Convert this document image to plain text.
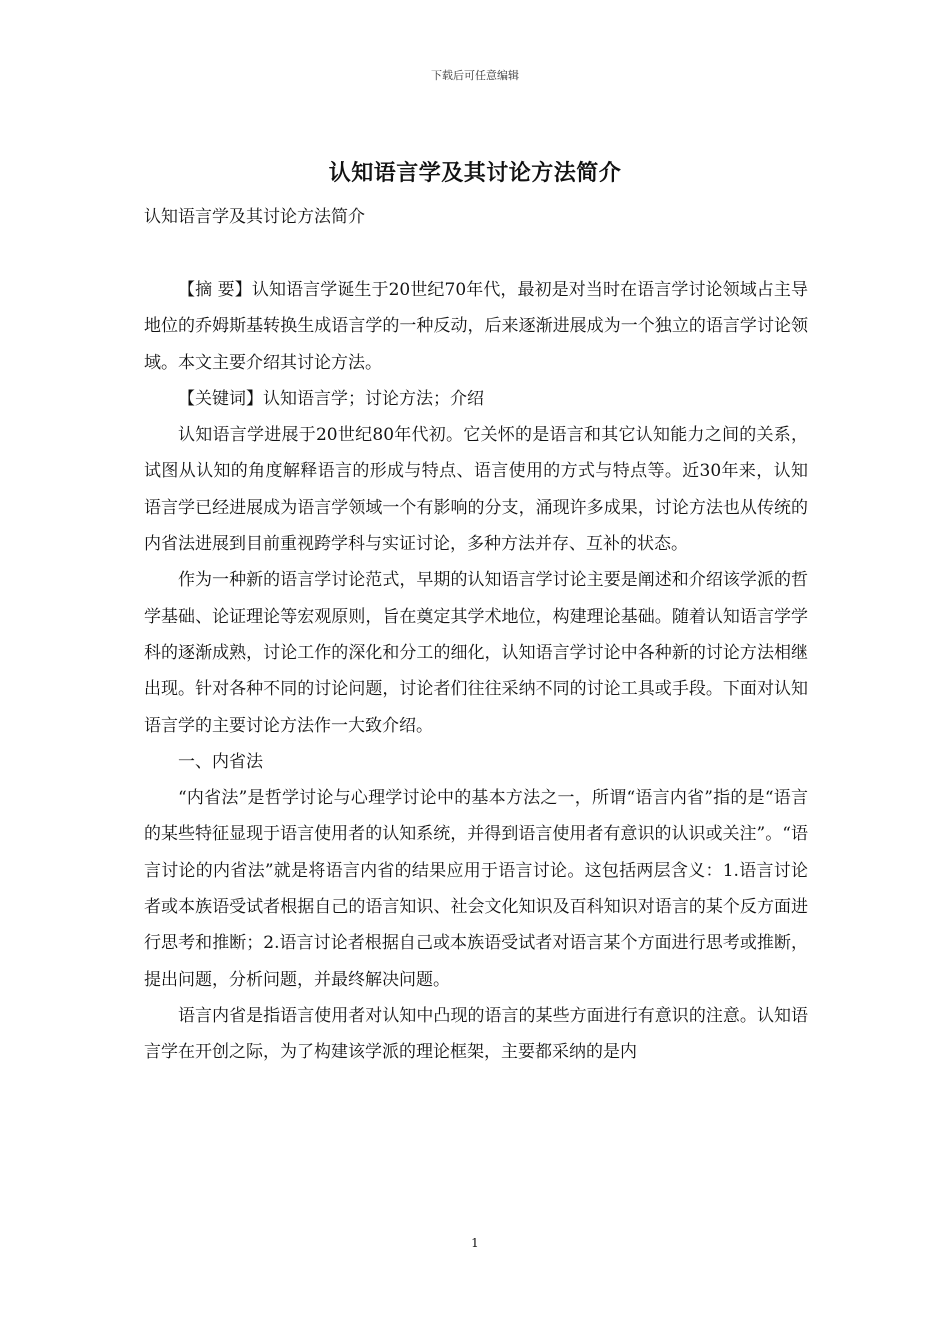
下载后可任意编辑
认知语言学及其讨论方法简介
认知语言学及其讨论方法简介

【摘 要】认知语言学诞生于20世纪70年代，最初是对当时在语言学讨论领域占主导地位的乔姆斯基转换生成语言学的一种反动，后来逐渐进展成为一个独立的语言学讨论领域。本文主要介绍其讨论方法。

【关键词】认知语言学；讨论方法；介绍

认知语言学进展于20世纪80年代初。它关怀的是语言和其它认知能力之间的关系，试图从认知的角度解释语言的形成与特点、语言使用的方式与特点等。近30年来，认知语言学已经进展成为语言学领域一个有影响的分支，涌现许多成果，讨论方法也从传统的内省法进展到目前重视跨学科与实证讨论，多种方法并存、互补的状态。

作为一种新的语言学讨论范式，早期的认知语言学讨论主要是阐述和介绍该学派的哲学基础、论证理论等宏观原则，旨在奠定其学术地位，构建理论基础。随着认知语言学学科的逐渐成熟，讨论工作的深化和分工的细化，认知语言学讨论中各种新的讨论方法相继出现。针对各种不同的讨论问题，讨论者们往往采纳不同的讨论工具或手段。下面对认知语言学的主要讨论方法作一大致介绍。

一、内省法

“内省法”是哲学讨论与心理学讨论中的基本方法之一，所谓“语言内省”指的是“语言的某些特征显现于语言使用者的认知系统，并得到语言使用者有意识的认识或关注”。“语言讨论的内省法”就是将语言内省的结果应用于语言讨论。这包括两层含义：1.语言讨论者或本族语受试者根据自己的语言知识、社会文化知识及百科知识对语言的某个反方面进行思考和推断；2.语言讨论者根据自己或本族语受试者对语言某个方面进行思考或推断，提出问题，分析问题，并最终解决问题。

语言内省是指语言使用者对认知中凸现的语言的某些方面进行有意识的注意。认知语言学在开创之际，为了构建该学派的理论框架，主要都采纳的是内

1
